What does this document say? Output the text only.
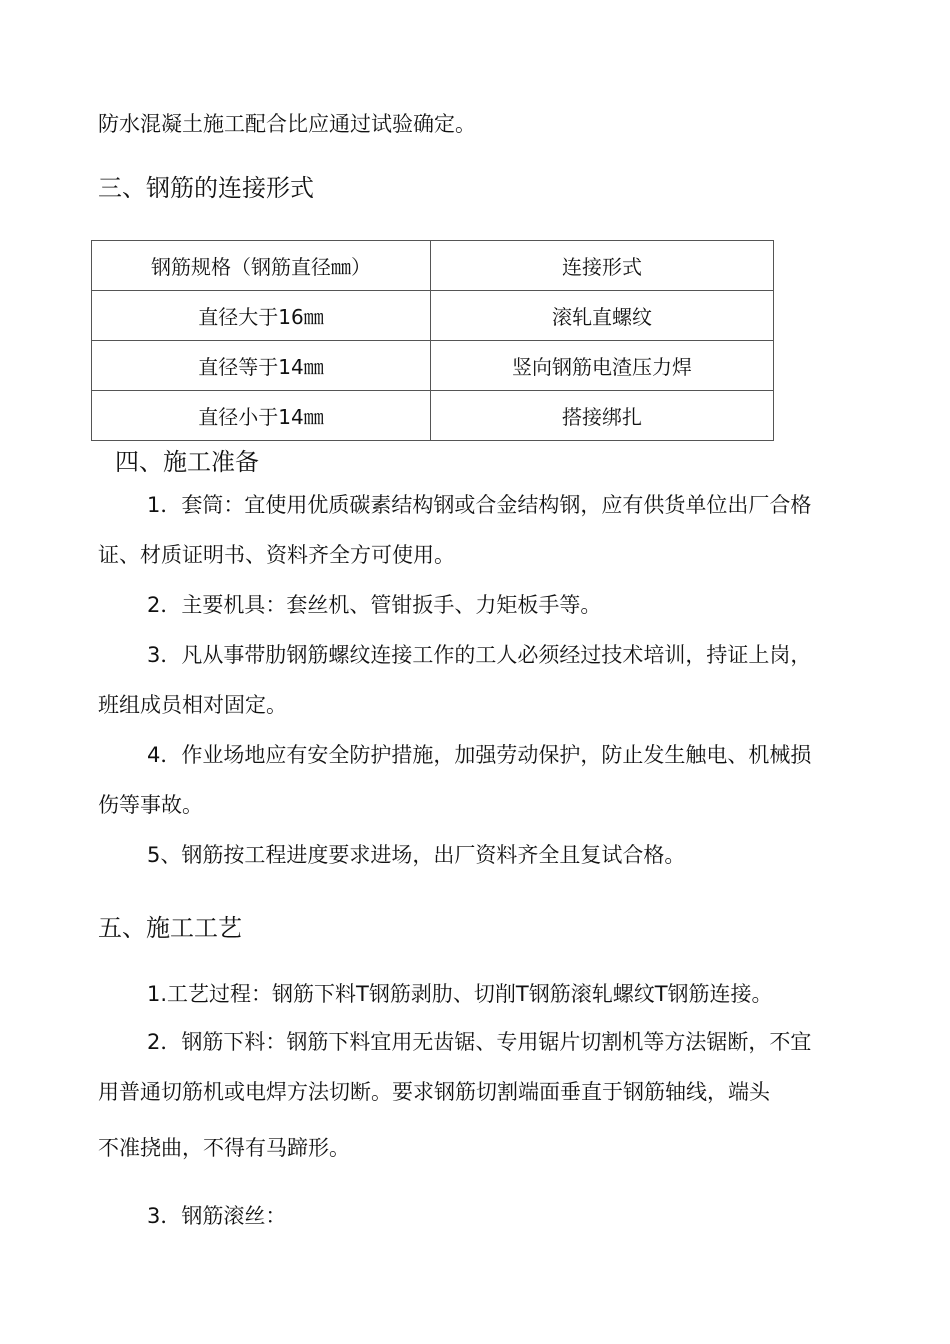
防水混凝土施工配合比应通过试验确定。
三、钢筋的连接形式
钢筋规格（钢筋直径㎜）	连接形式
直径大于16㎜	滚轧直螺纹
直径等于14㎜	竖向钢筋电渣压力焊
直径小于14㎜	搭接绑扎
四、施工准备
1．套筒：宜使用优质碳素结构钢或合金结构钢，应有供货单位出厂合格
证、材质证明书、资料齐全方可使用。
2．主要机具：套丝机、管钳扳手、力矩板手等。
3．凡从事带肋钢筋螺纹连接工作的工人必须经过技术培训，持证上岗，
班组成员相对固定。
4．作业场地应有安全防护措施，加强劳动保护，防止发生触电、机械损
伤等事故。
5、钢筋按工程进度要求进场，出厂资料齐全且复试合格。
五、施工工艺
1.工艺过程：钢筋下料T钢筋剥肋、切削T钢筋滚轧螺纹T钢筋连接。
2．钢筋下料：钢筋下料宜用无齿锯、专用锯片切割机等方法锯断，不宜
用普通切筋机或电焊方法切断。要求钢筋切割端面垂直于钢筋轴线，端头
不准挠曲，不得有马蹄形。
3．钢筋滚丝：
